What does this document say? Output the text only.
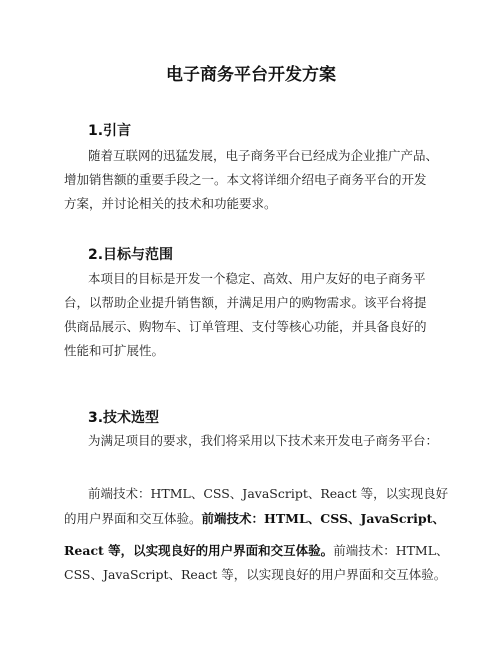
电子商务平台开发方案
1.引言
随着互联网的迅猛发展，电子商务平台已经成为企业推广产品、
增加销售额的重要手段之一。本文将详细介绍电子商务平台的开发
方案，并讨论相关的技术和功能要求。
2.目标与范围
本项目的目标是开发一个稳定、高效、用户友好的电子商务平
台，以帮助企业提升销售额，并满足用户的购物需求。该平台将提
供商品展示、购物车、订单管理、支付等核心功能，并具备良好的
性能和可扩展性。
3.技术选型
为满足项目的要求，我们将采用以下技术来开发电子商务平台：
前端技术：HTML、CSS、JavaScript、React 等，以实现良好
的用户界面和交互体验。前端技术：HTML、CSS、JavaScript、
React 等，以实现良好的用户界面和交互体验。前端技术：HTML、
CSS、JavaScript、React 等，以实现良好的用户界面和交互体验。
